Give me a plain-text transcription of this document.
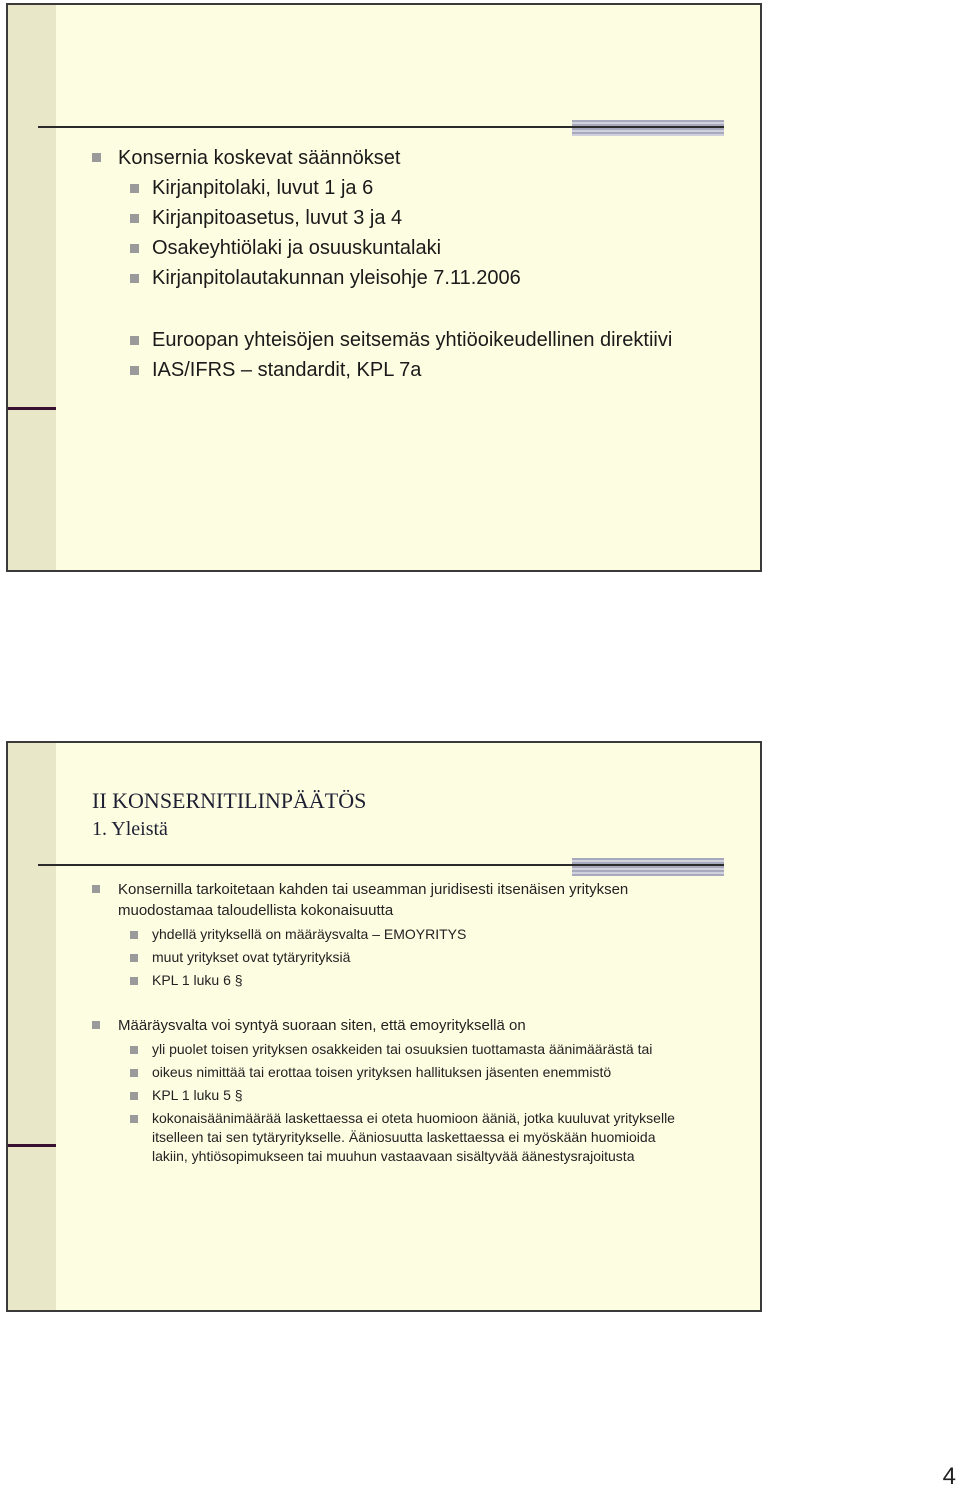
Konsernia koskevat säännökset
Kirjanpitolaki, luvut 1 ja 6
Kirjanpitoasetus, luvut 3 ja 4
Osakeyhtiölaki ja osuuskuntalaki
Kirjanpitolautakunnan yleisohje 7.11.2006
Euroopan yhteisöjen seitsemäs yhtiöoikeudellinen direktiivi
IAS/IFRS – standardit, KPL 7a
II KONSERNITILINPÄÄTÖS
1. Yleistä
Konsernilla tarkoitetaan kahden tai useamman juridisesti itsenäisen yrityksen muodostamaa taloudellista kokonaisuutta
yhdellä yrityksellä on määräysvalta – EMOYRITYS
muut yritykset ovat tytäryrityksiä
KPL 1 luku 6 §
Määräysvalta voi syntyä suoraan siten, että emoyrityksellä on
yli puolet toisen yrityksen osakkeiden tai osuuksien tuottamasta äänimäärästä tai
oikeus nimittää tai erottaa toisen yrityksen hallituksen jäsenten enemmistö
KPL 1 luku 5 §
kokonaisäänimäärää laskettaessa ei oteta huomioon ääniä, jotka kuuluvat yritykselle itselleen tai sen tytäryritykselle. Ääniosuutta laskettaessa ei myöskään huomioida lakiin, yhtiösopimukseen tai muuhun vastaavaan sisältyvää äänestysrajoitusta
4
